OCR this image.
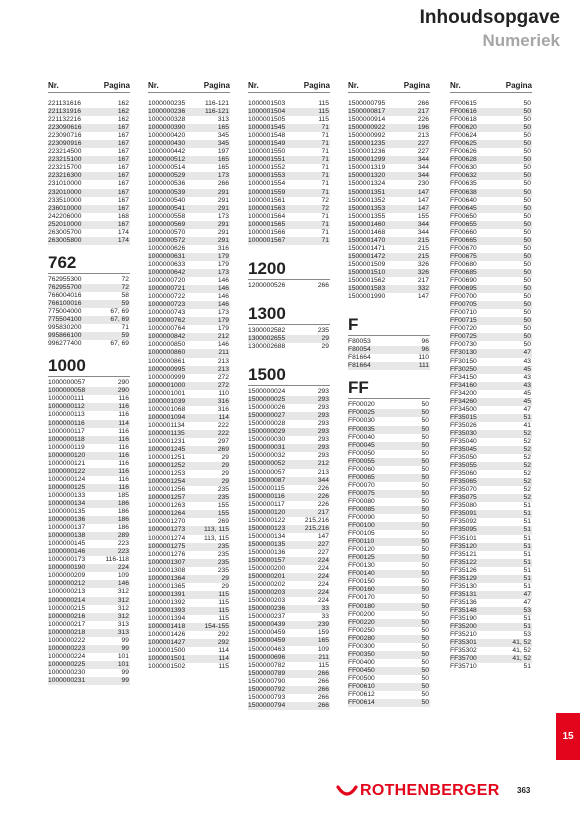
Inhoudsopgave
Numeriek
Nr.	Pagina
221131616	162
221131916	162
221132216	162
223090616	167
223090716	167
223090916	167
223214500	167
223215100	167
223215700	167
223216300	167
231010000	167
232010000	167
233510000	167
236010000	167
242206000	168
252010000	167
263005700	174
263005800	174
762
762955300	72
762955700	72
766004016	58
766100016	59
775004000	67, 69
775504100	67, 69
995830200	71
995866100	59
996277400	67, 69
1000
1000000057	290
1000000058	290
1000000111	116
1000000112	116
1000000113	116
1000000116	114
1000000117	116
1000000118	116
1000000119	116
1000000120	116
1000000121	116
1000000122	116
1000000124	116
1000000125	116
1000000133	185
1000000134	186
1000000135	186
1000000136	186
1000000137	186
1000000138	289
1000000145	223
1000000146	223
1000000173	116-118
1000000190	224
1000000209	109
1000000212	146
1000000213	312
1000000214	312
1000000215	312
1000000216	312
1000000217	313
1000000218	313
1000000222	99
1000000223	99
1000000224	101
1000000225	101
1000000230	99
1000000231	99
Nr.	Pagina
1000000235	116-121
1000000236	116-121
1000000328	313
1000000390	165
1000000420	345
1000000430	345
1000000442	197
1000000512	165
1000000514	165
1000000529	173
1000000536	266
1000000539	291
1000000540	291
1000000541	291
1000000558	173
1000000569	291
1000000570	291
1000000572	291
1000000626	316
1000000631	179
1000000633	179
1000000642	173
1000000720	146
1000000721	146
1000000722	146
1000000723	146
1000000743	173
1000000762	179
1000000764	179
1000000842	212
1000000850	146
1000000860	211
1000000861	213
1000000995	213
1000000999	272
1000001000	272
1000001001	110
1000001039	316
1000001068	316
1000001094	114
1000001134	222
1000001135	222
1000001231	297
1000001245	269
1000001251	29
1000001252	29
1000001253	29
1000001254	29
1000001256	235
1000001257	235
1000001263	155
1000001264	155
1000001270	269
1000001273	113, 115
1000001274	113, 115
1000001275	235
1000001276	235
1000001307	235
1000001308	235
1000001364	29
1000001365	29
1000001391	115
1000001392	115
1000001393	115
1000001394	115
1000001418	154-155
1000001426	292
1000001427	292
1000001500	114
1000001501	114
1000001502	115
Nr.	Pagina
1000001503	115
1000001504	115
1000001505	115
1000001545	71
1000001548	71
1000001549	71
1000001550	71
1000001551	71
1000001552	71
1000001553	71
1000001554	71
1000001559	71
1000001561	72
1000001563	72
1000001564	71
1000001565	71
1000001566	71
1000001567	71
1200
1200000526	266
1300
1300002582	235
1300002655	29
1300002688	29
1500
1500000024	293
1500000025	293
1500000026	293
1500000027	293
1500000028	293
1500000029	293
1500000030	293
1500000031	293
1500000032	293
1500000052	212
1500000057	213
1500000087	344
1500000115	226
1500000116	226
1500000117	226
1500000120	217
1500000122	215,216
1500000123	215,216
1500000134	147
1500000135	227
1500000136	227
1500000157	224
1500000200	224
1500000201	224
1500000202	224
1500000203	224
1500000203	224
1500000236	33
1500000237	33
1500000439	239
1500000459	159
1500000459	165
1500000463	109
1500000696	211
1500000782	115
1500000789	266
1500000790	266
1500000792	266
1500000793	266
1500000794	266
Nr.	Pagina
1500000795	266
1500000817	217
1500000914	226
1500000922	196
1500000992	213
1500001235	227
1500001236	227
1500001299	344
1500001319	344
1500001320	344
1500001324	230
1500001351	147
1500001352	147
1500001353	147
1500001355	155
1500001460	344
1500001468	344
1500001470	215
1500001471	215
1500001472	215
1500001509	326
1500001510	326
1500001562	217
1500001583	332
1500001990	147
F
F80053	96
F80054	96
F81664	110
F81664	111
FF
FF00020	50
FF00025	50
FF00030	50
FF00035	50
FF00040	50
FF00045	50
FF00050	50
FF00055	50
FF00060	50
FF00065	50
FF00070	50
FF00075	50
FF00080	50
FF00085	50
FF00090	50
FF00100	50
FF00105	50
FF00110	50
FF00120	50
FF00125	50
FF00130	50
FF00140	50
FF00150	50
FF00160	50
FF00170	50
FF00180	50
FF00200	50
FF00220	50
FF00250	50
FF00280	50
FF00300	50
FF00350	50
FF00400	50
FF00450	50
FF00500	50
FF00610	50
FF00612	50
FF00614	50
Nr.	Pagina
FF00615	50
FF00616	50
FF00618	50
FF00620	50
FF00624	50
FF00625	50
FF00626	50
FF00628	50
FF00630	50
FF00632	50
FF00635	50
FF00638	50
FF00640	50
FF00645	50
FF00650	50
FF00655	50
FF00660	50
FF00665	50
FF00670	50
FF00675	50
FF00680	50
FF00685	50
FF00690	50
FF00695	50
FF00700	50
FF00705	50
FF00710	50
FF00715	50
FF00720	50
FF00725	50
FF00730	50
FF30130	47
FF30150	43
FF30250	45
FF34150	43
FF34160	43
FF34200	45
FF34260	45
FF34500	47
FF35015	51
FF35026	41
FF35030	52
FF35040	52
FF35045	52
FF35050	52
FF35055	52
FF35060	52
FF35065	52
FF35070	52
FF35075	52
FF35080	51
FF35091	51
FF35092	51
FF35095	51
FF35101	51
FF35120	51
FF35121	51
FF35122	51
FF35126	51
FF35129	51
FF35130	51
FF35131	47
FF35136	47
FF35148	53
FF35190	51
FF35200	51
FF35210	53
FF35301	41, 52
FF35302	41, 52
FF35700	41, 52
FF35710	51
15
ROTHENBERGER 363
